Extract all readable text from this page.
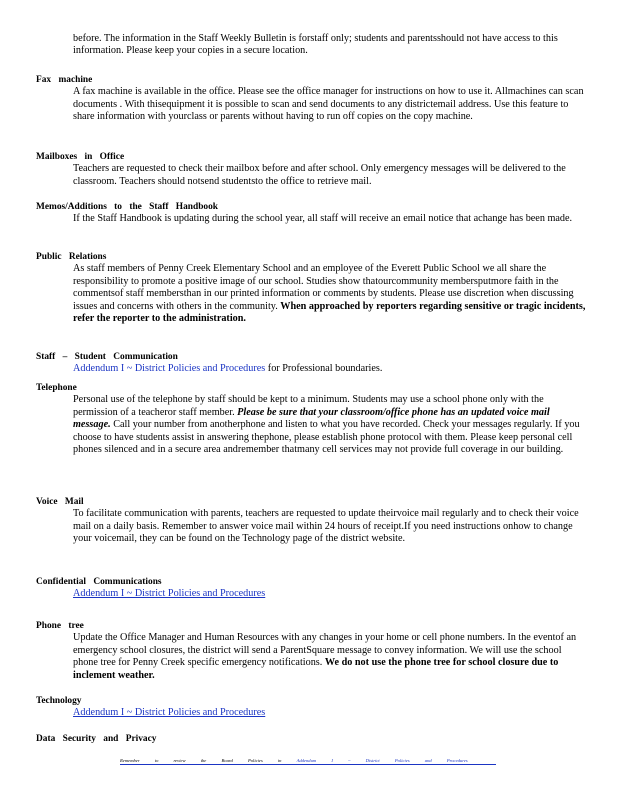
before. The information in the Staff Weekly Bulletin is forstaff only; students and parentsshould not have access to this information. Please keep your copies in a secure location.
Fax machine
A fax machine is available in the office. Please see the office manager for instructions on how to use it. Allmachines can scan documents . With thisequipment it is possible to scan and send documents to any districtemail address. Use this feature to share information with yourclass or parents without having to run off copies on the copy machine.
Mailboxes in Office
Teachers are requested to check their mailbox before and after school. Only emergency messages will be delivered to the classroom. Teachers should notsend studentsto the office to retrieve mail.
Memos/Additions to the Staff Handbook
If the Staff Handbook is updating during the school year, all staff will receive an email notice that achange has been made.
Public Relations
As staff members of Penny Creek Elementary School and an employee of the Everett Public School we all share the responsibility to promote a positive image of our school. Studies show thatourcommunity membersputmore faith in the commentsof staff membersthan in our printed information or comments by students. Please use discretion when discussing issues and concerns with others in the community. When approached by reporters regarding sensitive or tragic incidents, refer the reporter to the administration.
Staff – Student Communication
Addendum I ~ District Policies and Procedures for Professional boundaries.
Telephone
Personal use of the telephone by staff should be kept to a minimum. Students may use a school phone only with the permission of a teacheror staff member. Please be sure that your classroom/office phone has an updated voice mail message. Call your number from anotherphone and listen to what you have recorded. Check your messages regularly. If you choose to have students assist in answering thephone, please establish phone protocol with them. Please keep personal cell phones silenced and in a secure area andremember thatmany cell services may not provide full coverage in our building.
Voice Mail
To facilitate communication with parents, teachers are requested to update theirvoice mail regularly and to check their voice mail on a daily basis. Remember to answer voice mail within 24 hours of receipt.If you need instructions onhow to change your voicemail, they can be found on the Technology page of the district website.
Confidential Communications
Addendum I ~ District Policies and Procedures
Phone tree
Update the Office Manager and Human Resources with any changes in your home or cell phone numbers. In the eventof an emergency school closures, the district will send a ParentSquare message to convey information. We will use the school phone tree for Penny Creek specific emergency notifications. We do not use the phone tree for school closure due to inclement weather.
Technology
Addendum I ~ District Policies and Procedures
Data Security and Privacy
Remember to review the Board Policies in	Addendum I ~ District Policies and Procedures
